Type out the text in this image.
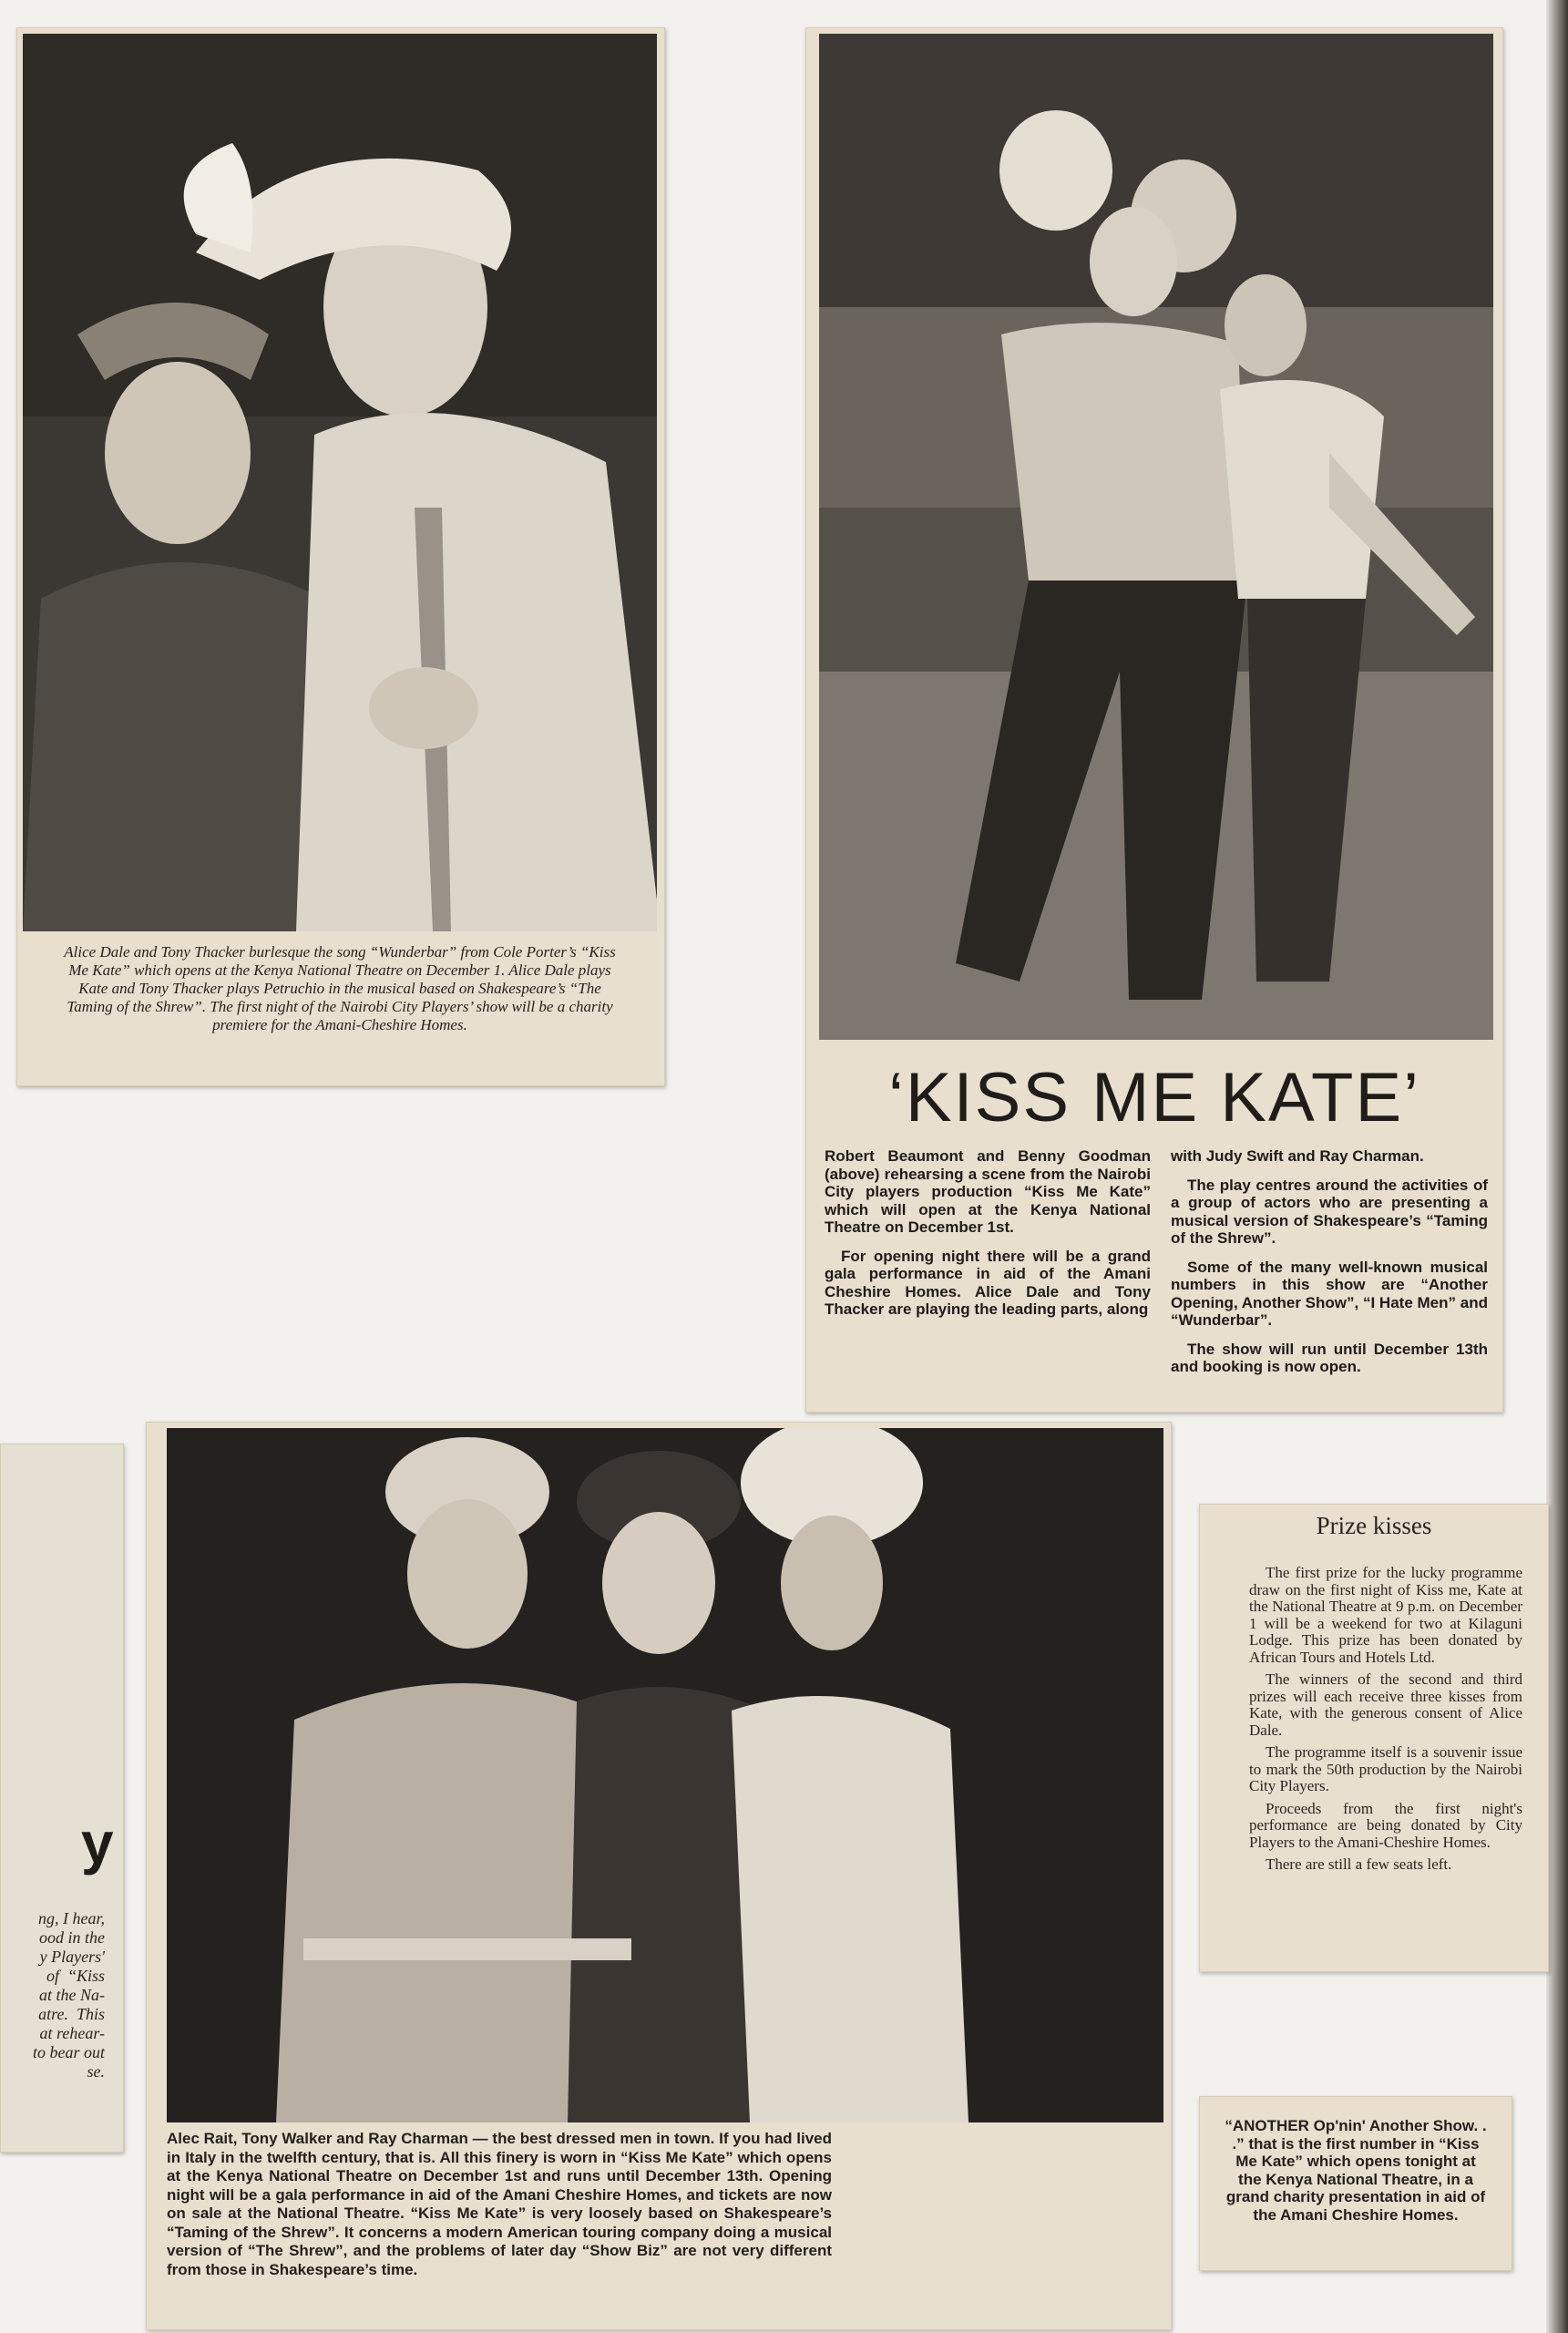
Alice Dale and Tony Thacker burlesque the song “Wunderbar” from Cole Porter’s “Kiss Me Kate” which opens at the Kenya National Theatre on December 1. Alice Dale plays Kate and Tony Thacker plays Petruchio in the musical based on Shakespeare’s “The Taming of the Shrew”. The first night of the Nairobi City Players’ show will be a charity premiere for the Amani-Cheshire Homes.
‘KISS ME KATE’

Robert Beaumont and Benny Goodman (above) rehearsing a scene from the Nairobi City players production “Kiss Me Kate” which will open at the Kenya National Theatre on December 1st.

For opening night there will be a grand gala performance in aid of the Amani Cheshire Homes. Alice Dale and Tony Thacker are playing the leading parts, along

with Judy Swift and Ray Charman.

The play centres around the activities of a group of actors who are presenting a musical version of Shakespeare’s “Taming of the Shrew”.

Some of the many well-known musical numbers in this show are “Another Opening, Another Show”, “I Hate Men” and “Wunderbar”.

The show will run until December 13th and booking is now open.

y
ng, I hear,
ood in the
y Players'
of  “Kiss
at the Na-
atre.  This
at rehear-
to bear out
se.
Alec Rait, Tony Walker and Ray Charman — the best dressed men in town. If you had lived in Italy in the twelfth century, that is. All this finery is worn in “Kiss Me Kate” which opens at the Kenya National Theatre on December 1st and runs until December 13th. Opening night will be a gala performance in aid of the Amani Cheshire Homes, and tickets are now on sale at the National Theatre. “Kiss Me Kate” is very loosely based on Shakespeare’s “Taming of the Shrew”. It concerns a modern American touring company doing a musical version of “The Shrew”, and the problems of later day “Show Biz” are not very different from those in Shakespeare’s time.
Prize kisses

The first prize for the lucky programme draw on the first night of Kiss me, Kate at the National Theatre at 9 p.m. on December 1 will be a weekend for two at Kilaguni Lodge. This prize has been donated by African Tours and Hotels Ltd.

The winners of the second and third prizes will each receive three kisses from Kate, with the generous consent of Alice Dale.

The programme itself is a souvenir issue to mark the 50th production by the Nairobi City Players.

Proceeds from the first night's performance are being donated by City Players to the Amani-Cheshire Homes.

There are still a few seats left.

“ANOTHER Op'nin' Another Show. . .” that is the first number in “Kiss Me Kate” which opens tonight at the Kenya National Theatre, in a grand charity presentation in aid of the Amani Cheshire Homes.
